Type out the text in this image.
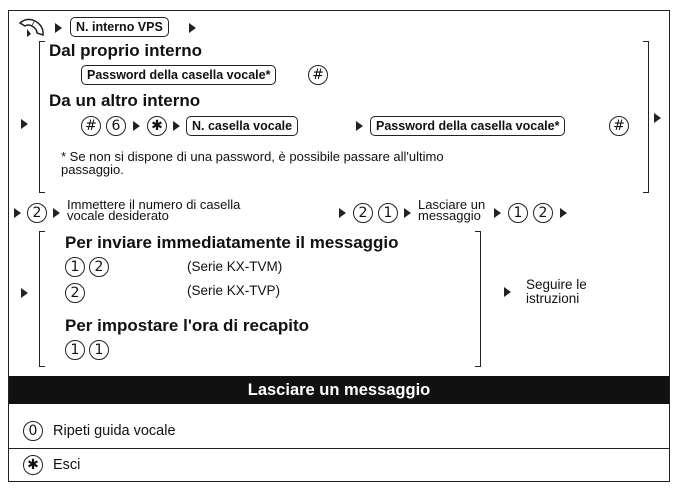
N. interno VPS
Dal proprio interno
Password della casella vocale*	#
Da un altro interno
#	6	✱	N. casella vocale	Password della casella vocale*	#
* Se non si dispone di una password, è possibile passare all'ultimo
passaggio.
2
Immettere il numero di casella
vocale desiderato	2	1
Lasciare un
messaggio	1	2
Per inviare immediatamente il messaggio
1	2	(Serie KX-TVM)
2	(Serie KX-TVP)
Per impostare l'ora di recapito
1	1
Seguire le
istruzioni
Lasciare un messaggio
0	Ripeti guida vocale
✱ Esci
